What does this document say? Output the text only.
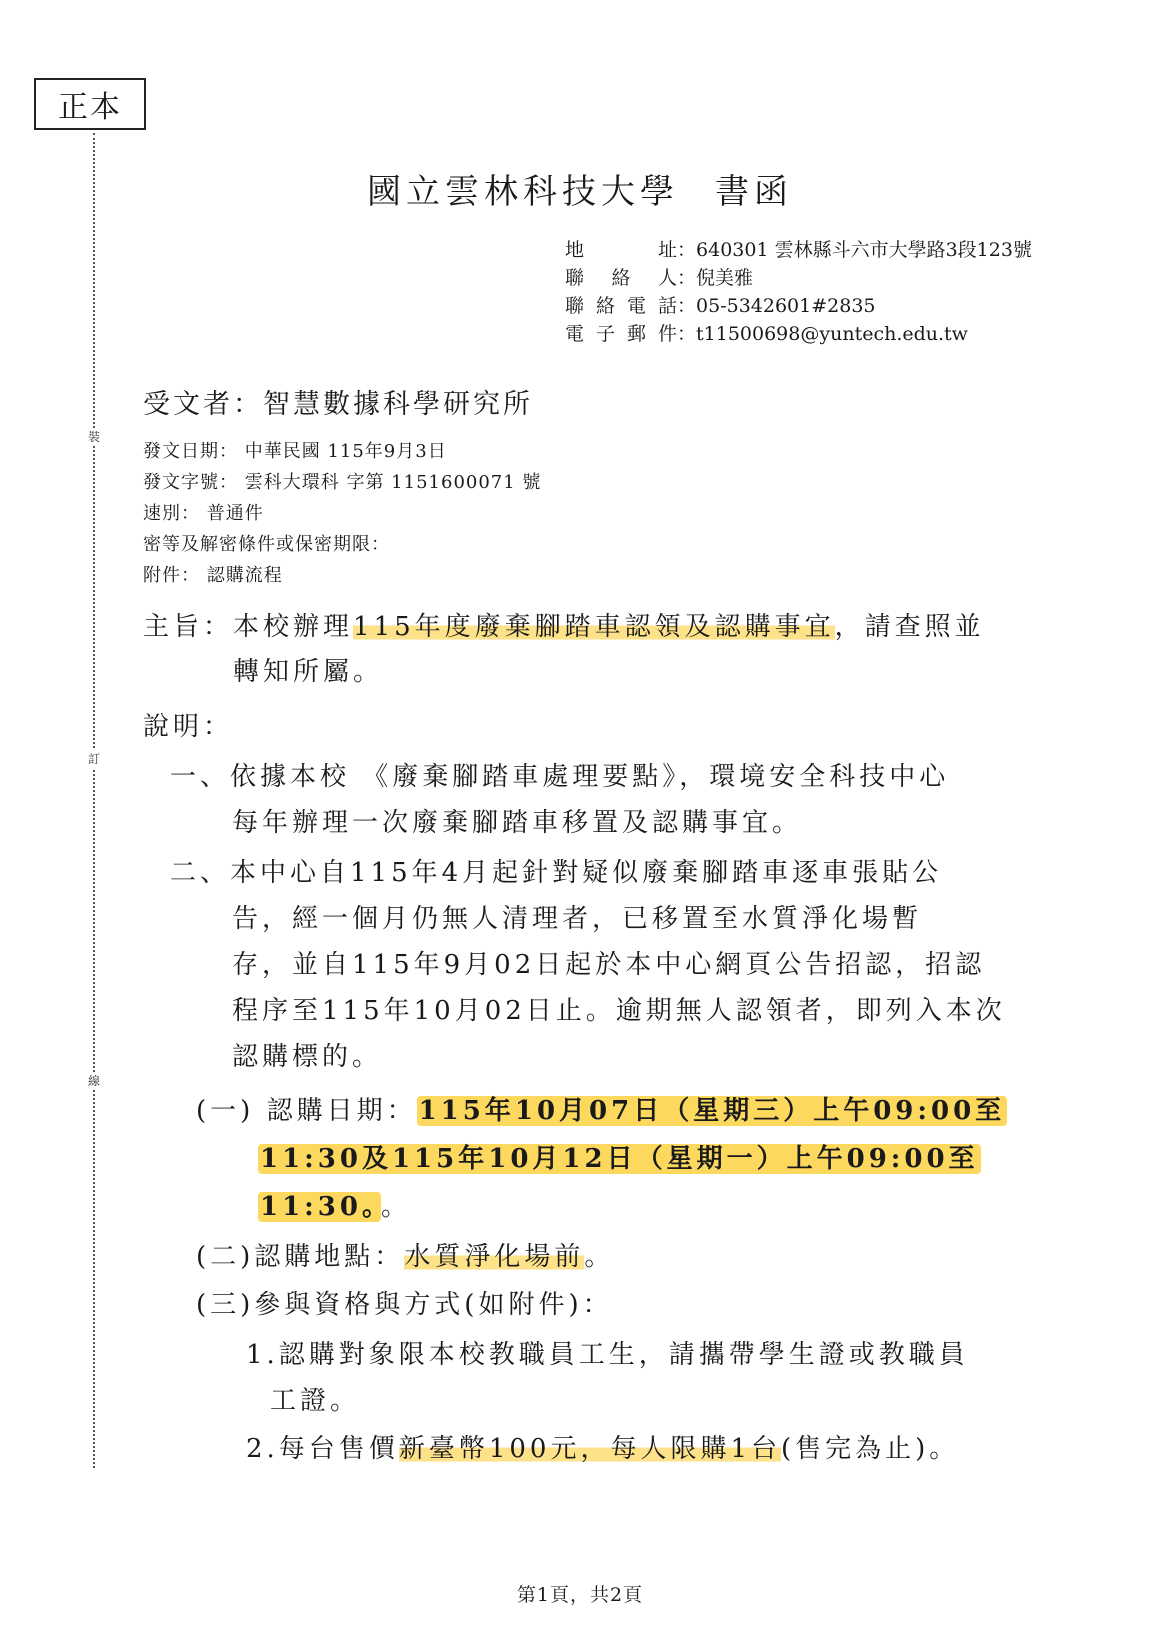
正本
裝
訂
線
國立雲林科技大學 書函
地址 ： 640301 雲林縣斗六市大學路3段123號
聯絡人 ： 倪美雅
聯絡電話 ： 05-5342601#2835
電子郵件 ： t11500698@yuntech.edu.tw
受文者：智慧數據科學研究所
發文日期： 中華民國 115年9月3日
發文字號： 雲科大環科 字第 1151600071 號
速別： 普通件
密等及解密條件或保密期限：
附件： 認購流程
主旨：本校辦理115年度廢棄腳踏車認領及認購事宜，請查照並
轉知所屬。
說明：
一、依據本校 《廢棄腳踏車處理要點》，環境安全科技中心
每年辦理一次廢棄腳踏車移置及認購事宜。
二、本中心自115年4月起針對疑似廢棄腳踏車逐車張貼公
告，經一個月仍無人清理者，已移置至水質淨化場暫
存，並自115年9月02日起於本中心網頁公告招認，招認
程序至115年10月02日止。逾期無人認領者，即列入本次
認購標的。
(一) 認購日期：115年10月07日（星期三）上午09:00至
11:30及115年10月12日（星期一）上午09:00至
11:30。。
(二)認購地點：水質淨化場前。
(三)參與資格與方式(如附件)：
1.認購對象限本校教職員工生，請攜帶學生證或教職員
工證。
2.每台售價新臺幣100元，每人限購1台(售完為止)。
第1頁，共2頁
